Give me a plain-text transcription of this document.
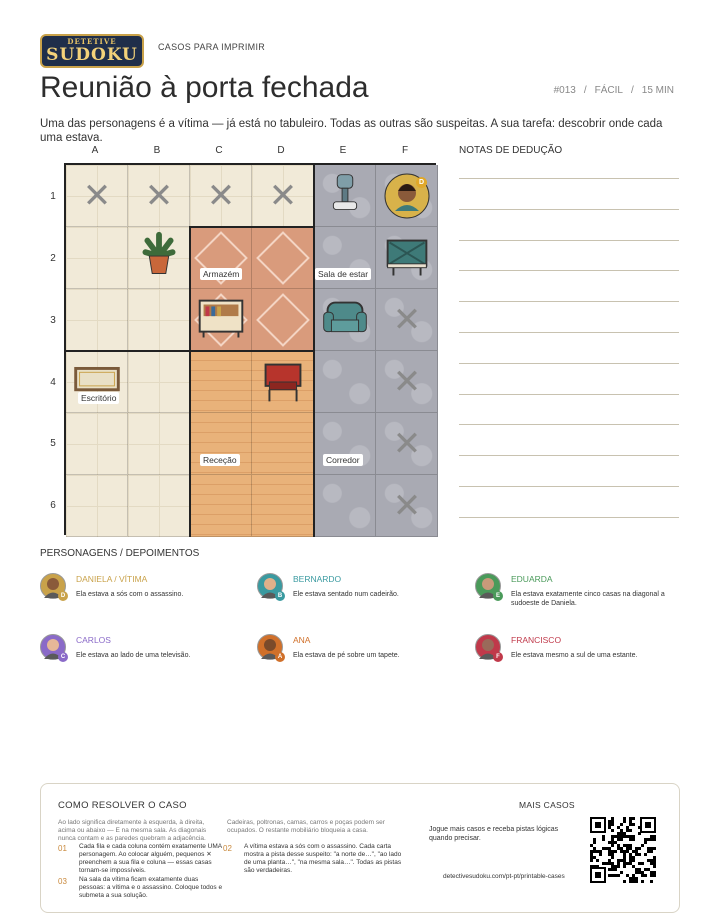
DETETIVE
SUDOKU	CASOS PARA IMPRIMIR
Reunião à porta fechada	#013 / FÁCIL / 15 MIN
Uma das personagens é a vítima — já está no tabuleiro. Todas as outras são suspeitas. A sua tarefa: descobrir onde cada uma estava.
A	B	C	D	E	F
1
2
3
4
5
6
✕ ✕ ✕ ✕
✕
✕
✕
✕
D
Armazém	Sala de estar
Escritório
Receção	Corredor
NOTAS DE DEDUÇÃO
PERSONAGENS / DEPOIMENTOS
D
DANIELA / VÍTIMA
Ela estava a sós com o assassino.	B
BERNARDO
Ele estava sentado num cadeirão.	E
EDUARDA
Ela estava exatamente cinco casas na diagonal a sudoeste de Daniela.
C
CARLOS
Ele estava ao lado de uma televisão.	A
ANA
Ela estava de pé sobre um tapete.	F
FRANCISCO
Ele estava mesmo a sul de uma estante.
COMO RESOLVER O CASO
Ao lado significa diretamente à esquerda, à direita, acima ou abaixo — E na mesma sala. As diagonais nunca contam e as paredes quebram a adjacência.
Cadeiras, poltronas, camas, carros e poças podem ser ocupados. O restante mobiliário bloqueia a casa.
01 Cada fila e cada coluna contém exatamente UMA personagem. Ao colocar alguém, pequenos ✕ preenchem a sua fila e coluna — essas casas tornam-se impossíveis.
02 A vítima estava a sós com o assassino. Cada carta mostra a pista desse suspeito: "a norte de…", "ao lado de uma planta…", "na mesma sala…". Todas as pistas são verdadeiras.
03 Na sala da vítima ficam exatamente duas pessoas: a vítima e o assassino. Coloque todos e submeta a sua solução.
MAIS CASOS
Jogue mais casos e receba pistas lógicas quando precisar.
detectivesudoku.com/pt-pt/printable-cases
